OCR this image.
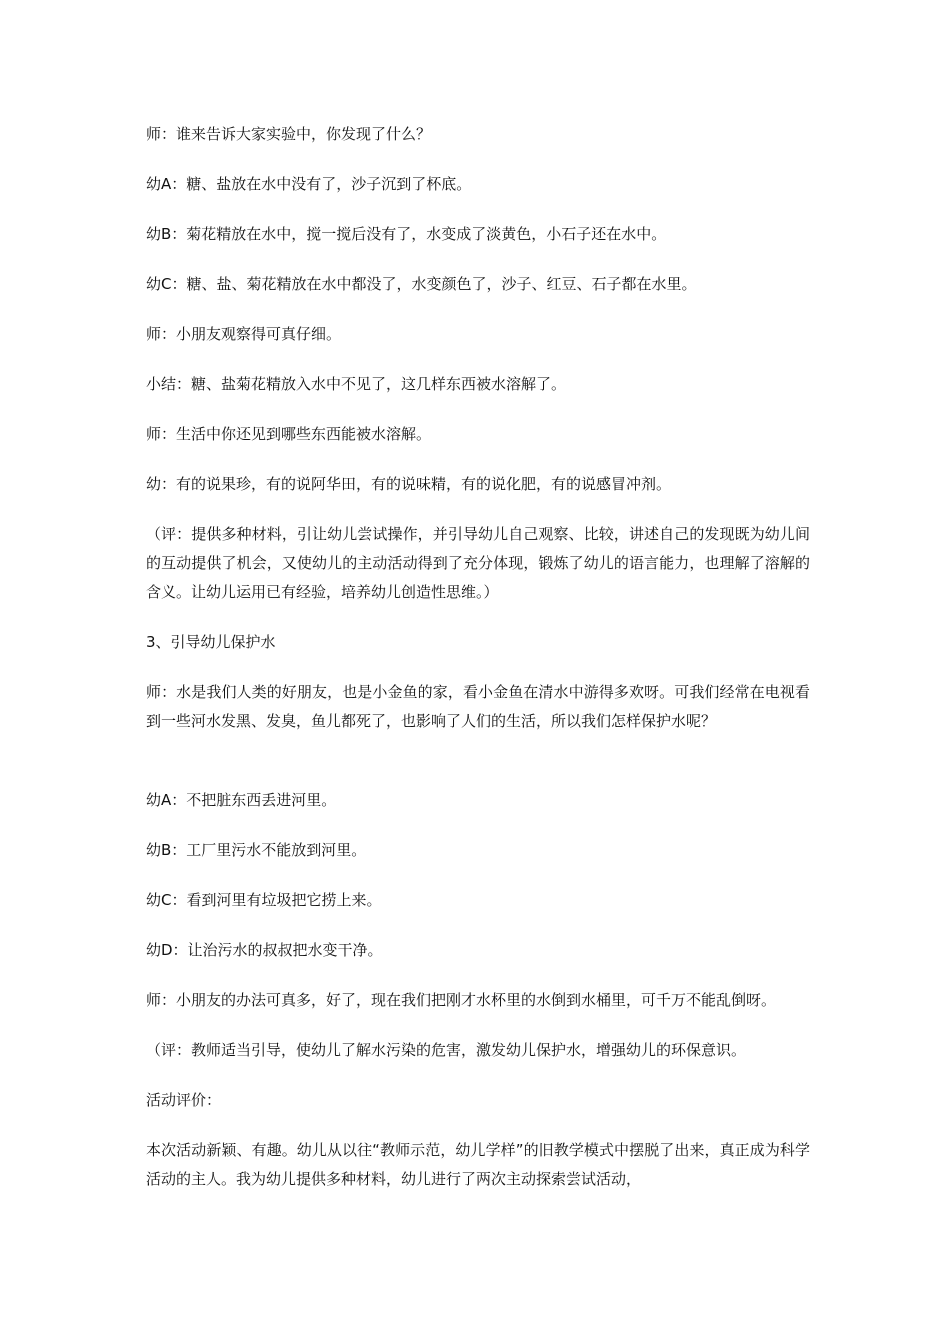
师：谁来告诉大家实验中，你发现了什么？

幼A：糖、盐放在水中没有了，沙子沉到了杯底。

幼B：菊花精放在水中，搅一搅后没有了，水变成了淡黄色，小石子还在水中。

幼C：糖、盐、菊花精放在水中都没了，水变颜色了，沙子、红豆、石子都在水里。

师：小朋友观察得可真仔细。

小结：糖、盐菊花精放入水中不见了，这几样东西被水溶解了。

师：生活中你还见到哪些东西能被水溶解。

幼：有的说果珍，有的说阿华田，有的说味精，有的说化肥，有的说感冒冲剂。

（评：提供多种材料，引让幼儿尝试操作，并引导幼儿自己观察、比较，讲述自己的发现既为幼儿间的互动提供了机会，又使幼儿的主动活动得到了充分体现，锻炼了幼儿的语言能力，也理解了溶解的含义。让幼儿运用已有经验，培养幼儿创造性思维。）

3、引导幼儿保护水

师：水是我们人类的好朋友，也是小金鱼的家，看小金鱼在清水中游得多欢呀。可我们经常在电视看到一些河水发黑、发臭，鱼儿都死了，也影响了人们的生活，所以我们怎样保护水呢？

幼A：不把脏东西丢进河里。

幼B：工厂里污水不能放到河里。

幼C：看到河里有垃圾把它捞上来。

幼D：让治污水的叔叔把水变干净。

师：小朋友的办法可真多，好了，现在我们把刚才水杯里的水倒到水桶里，可千万不能乱倒呀。

（评：教师适当引导，使幼儿了解水污染的危害，激发幼儿保护水，增强幼儿的环保意识。

活动评价：

本次活动新颖、有趣。幼儿从以往“教师示范，幼儿学样”的旧教学模式中摆脱了出来，真正成为科学活动的主人。我为幼儿提供多种材料，幼儿进行了两次主动探索尝试活动，
